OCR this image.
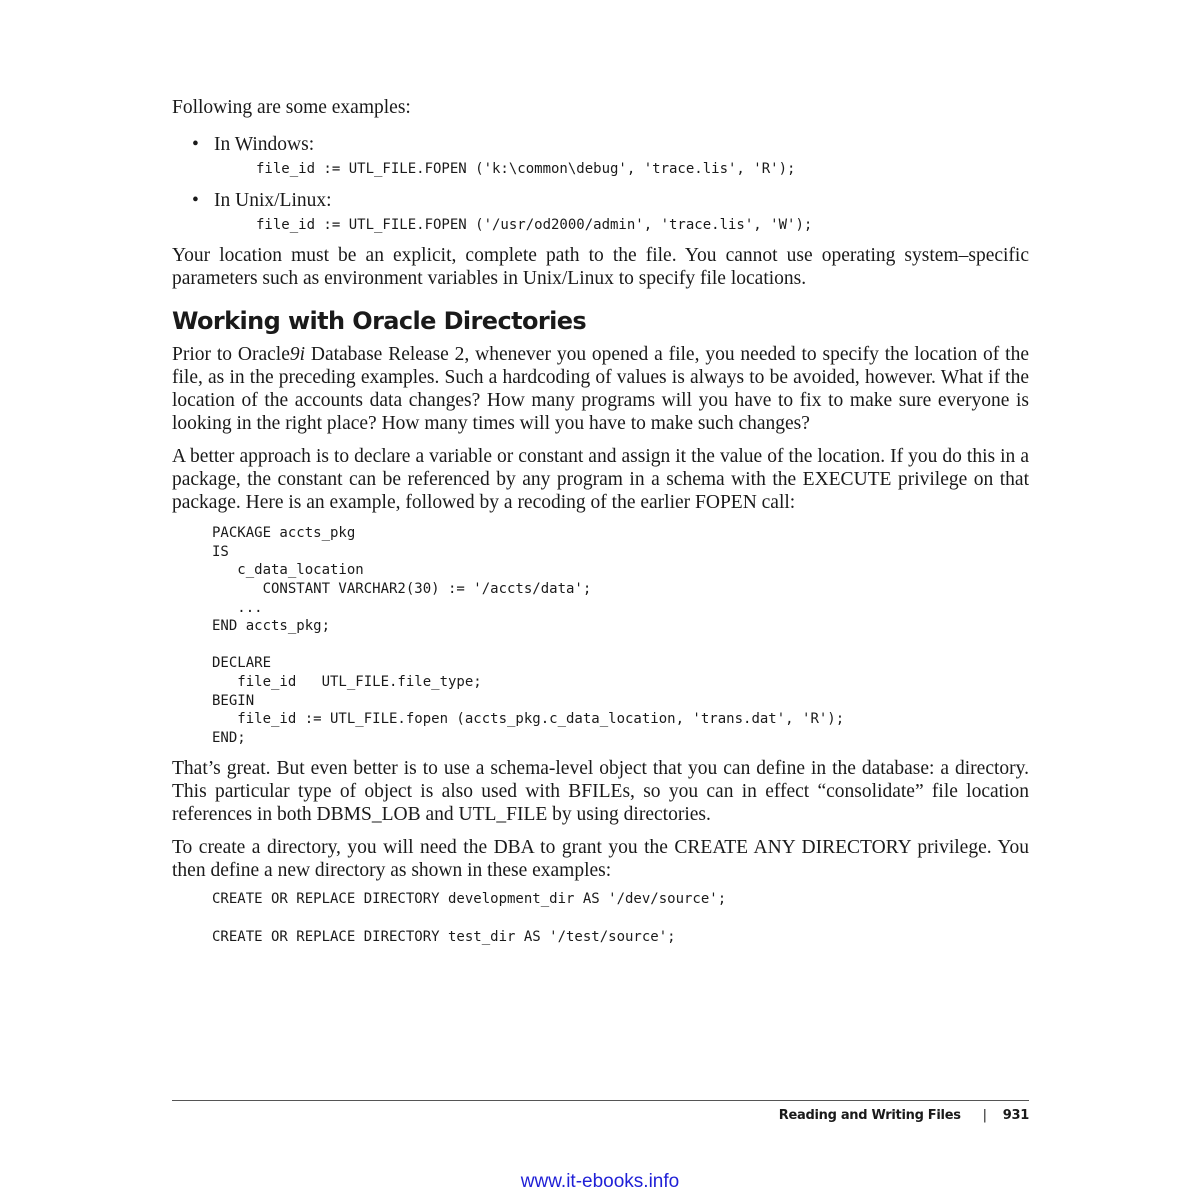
Following are some examples:

• In Windows:
file_id := UTL_FILE.FOPEN ('k:\common\debug', 'trace.lis', 'R');
• In Unix/Linux:
file_id := UTL_FILE.FOPEN ('/usr/od2000/admin', 'trace.lis', 'W');

Your location must be an explicit, complete path to the file. You cannot use operating system–specific parameters such as environment variables in Unix/Linux to specify file locations.

Working with Oracle Directories

Prior to Oracle9i Database Release 2, whenever you opened a file, you needed to specify the location of the file, as in the preceding examples. Such a hardcoding of values is always to be avoided, however. What if the location of the accounts data changes? How many programs will you have to fix to make sure everyone is looking in the right place? How many times will you have to make such changes?

A better approach is to declare a variable or constant and assign it the value of the location. If you do this in a package, the constant can be referenced by any program in a schema with the EXECUTE privilege on that package. Here is an example, followed by a recoding of the earlier FOPEN call:

PACKAGE accts_pkg
IS
c_data_location
CONSTANT VARCHAR2(30) := '/accts/data';
...
END accts_pkg;

DECLARE
file_id   UTL_FILE.file_type;
BEGIN
file_id := UTL_FILE.fopen (accts_pkg.c_data_location, 'trans.dat', 'R');
END;

That’s great. But even better is to use a schema-level object that you can define in the database: a directory. This particular type of object is also used with BFILEs, so you can in effect “consolidate” file location references in both DBMS_LOB and UTL_FILE by using directories.

To create a directory, you will need the DBA to grant you the CREATE ANY DIRECTORY privilege. You then define a new directory as shown in these examples:

CREATE OR REPLACE DIRECTORY development_dir AS '/dev/source';

CREATE OR REPLACE DIRECTORY test_dir AS '/test/source';
Reading and Writing Files | 931
www.it-ebooks.info
